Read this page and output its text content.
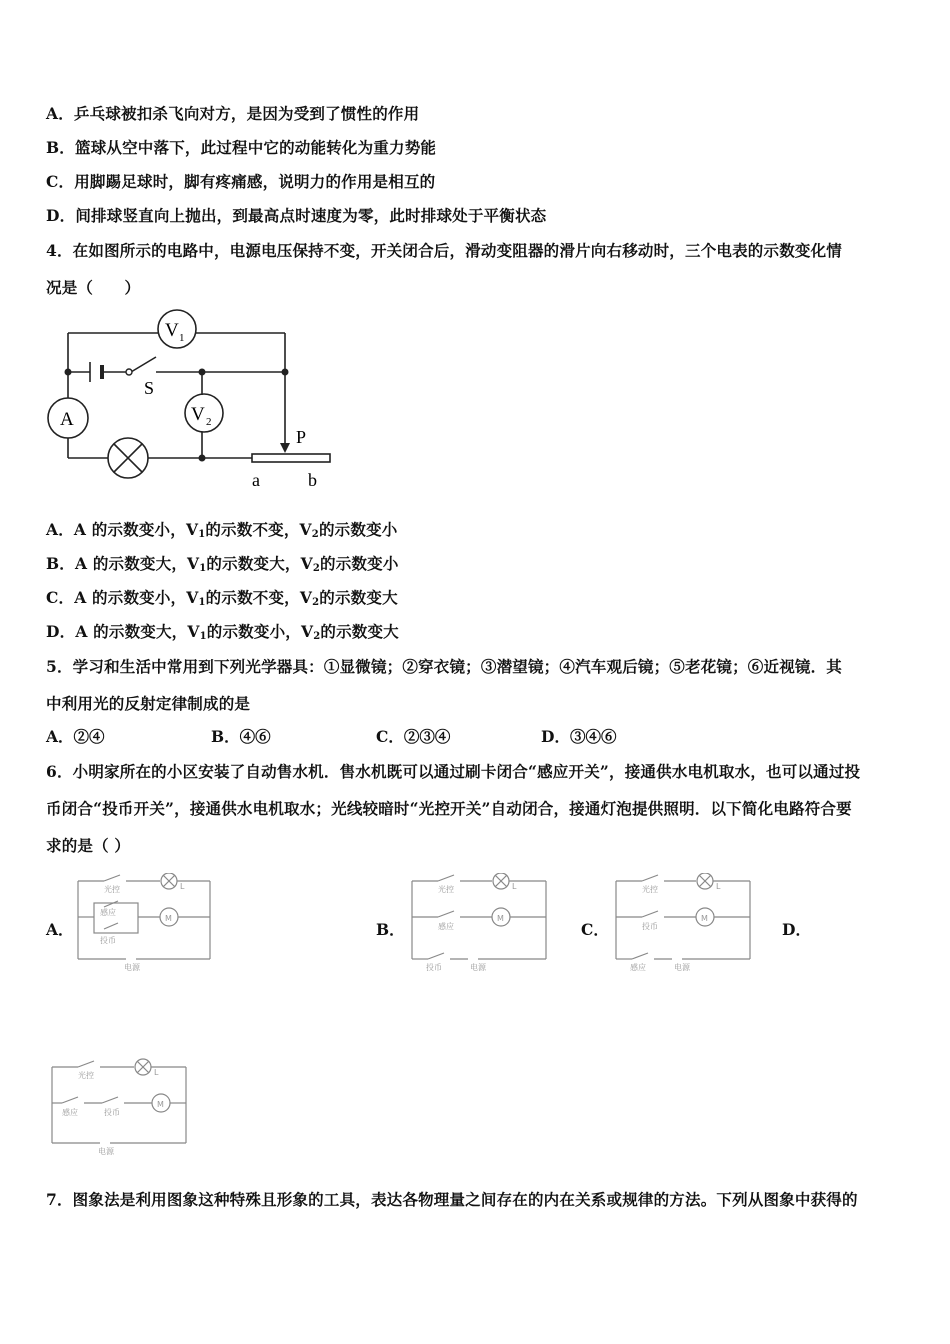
A．乒乓球被扣杀飞向对方，是因为受到了惯性的作用
B．篮球从空中落下，此过程中它的动能转化为重力势能
C．用脚踢足球时，脚有疼痛感，说明力的作用是相互的
D．间排球竖直向上抛出，到最高点时速度为零，此时排球处于平衡状态
4．在如图所示的电路中，电源电压保持不变，开关闭合后，滑动变阻器的滑片向右移动时，三个电表的示数变化情
况是（　　）
V 1
V 2
A
S
P
a	b
A．A 的示数变小，$V_1$的示数不变，$V_2$的示数变小
B．A 的示数变大，$V_1$的示数变大，$V_2$的示数变小
C．A 的示数变小，$V_1$的示数不变，$V_2$的示数变大
D．A 的示数变大，$V_1$的示数变小，$V_2$的示数变大
5．学习和生活中常用到下列光学器具：①显微镜；②穿衣镜；③潜望镜；④汽车观后镜；⑤老花镜；⑥近视镜．其
中利用光的反射定律制成的是
A．②④	B．④⑥	C．②③④	D．③④⑥
6．小明家所在的小区安装了自动售水机．售水机既可以通过刷卡闭合“感应开关”，接通供水电机取水，也可以通过投
币闭合“投币开关”，接通供水电机取水；光线较暗时“光控开关”自动闭合，接通灯泡提供照明．以下简化电路符合要
求的是（ ）
A．	B．	C．	D．
M
L
光控
感应
投币
电源
M
L
光控
感应
投币	电源
M
L
光控
投币
感应	电源
M
L
光控
感应	投币
电源
7．图象法是利用图象这种特殊且形象的工具，表达各物理量之间存在的内在关系或规律的方法。下列从图象中获得的
